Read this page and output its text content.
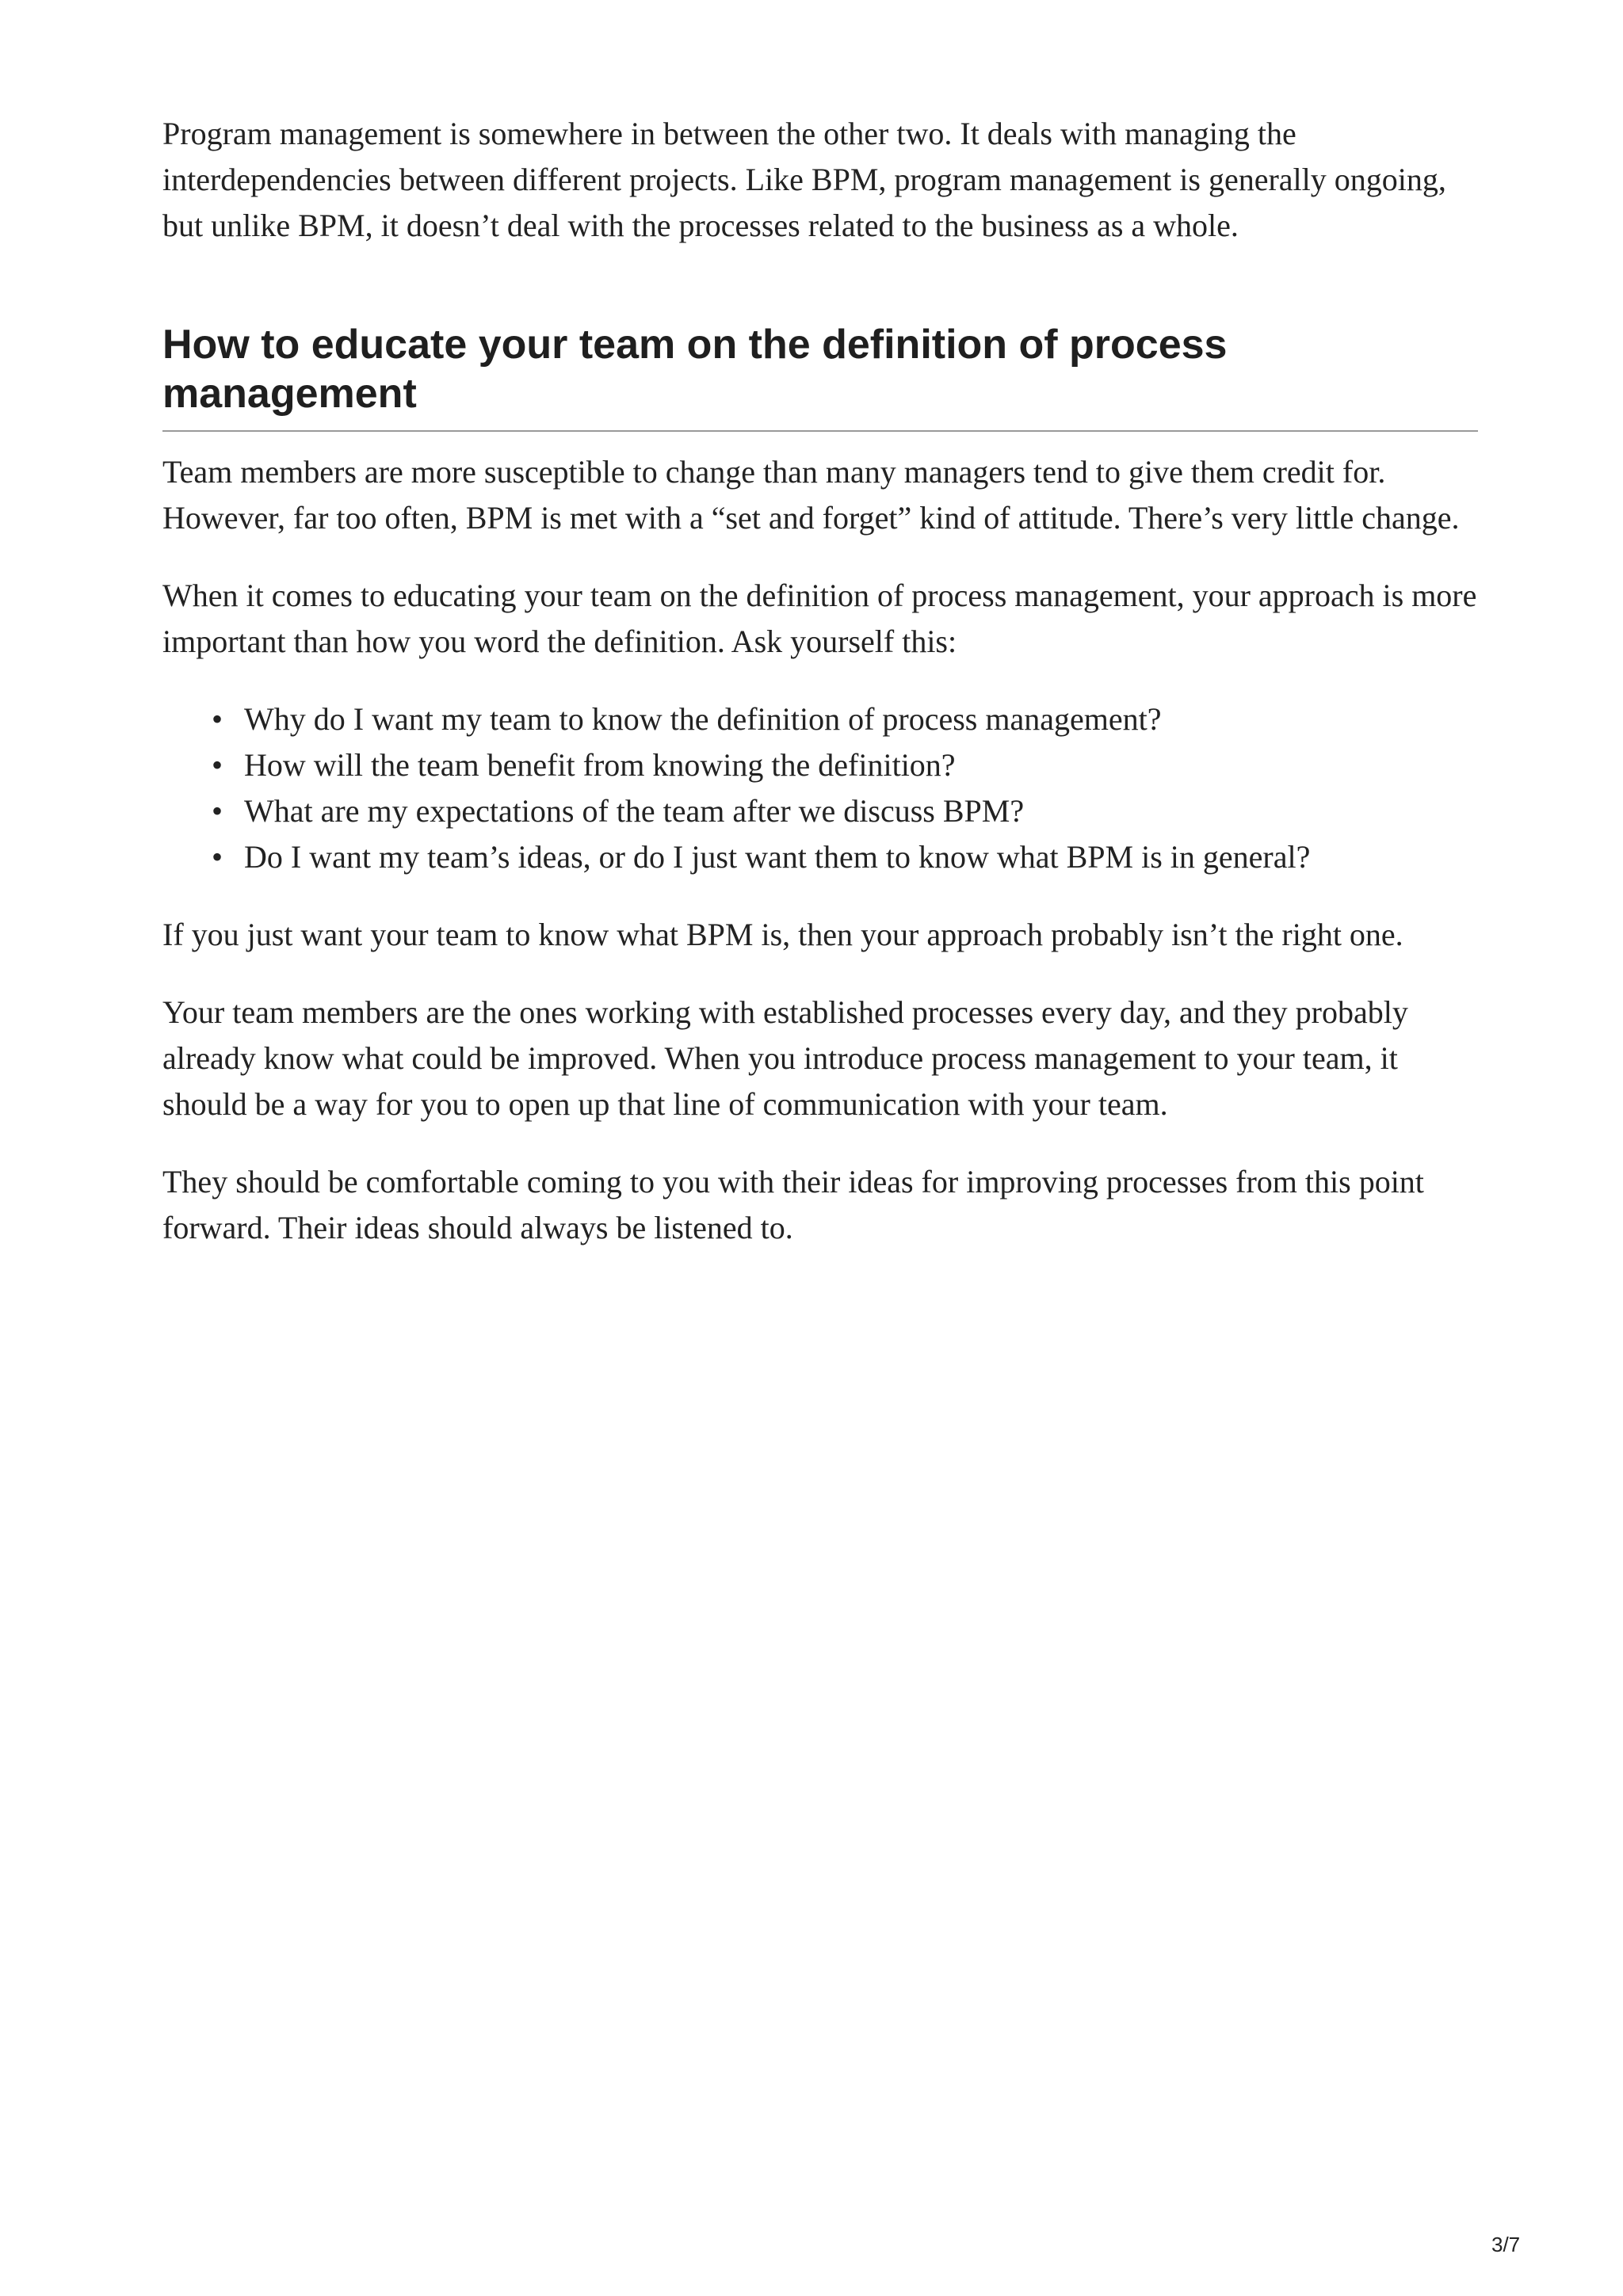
Program management is somewhere in between the other two. It deals with managing the interdependencies between different projects. Like BPM, program management is generally ongoing, but unlike BPM, it doesn’t deal with the processes related to the business as a whole.

How to educate your team on the definition of process management

Team members are more susceptible to change than many managers tend to give them credit for. However, far too often, BPM is met with a “set and forget” kind of attitude. There’s very little change.

When it comes to educating your team on the definition of process management, your approach is more important than how you word the definition. Ask yourself this:

• Why do I want my team to know the definition of process management?
• How will the team benefit from knowing the definition?
• What are my expectations of the team after we discuss BPM?
• Do I want my team’s ideas, or do I just want them to know what BPM is in general?

If you just want your team to know what BPM is, then your approach probably isn’t the right one.

Your team members are the ones working with established processes every day, and they probably already know what could be improved. When you introduce process management to your team, it should be a way for you to open up that line of communication with your team.

They should be comfortable coming to you with their ideas for improving processes from this point forward. Their ideas should always be listened to.

3/7
